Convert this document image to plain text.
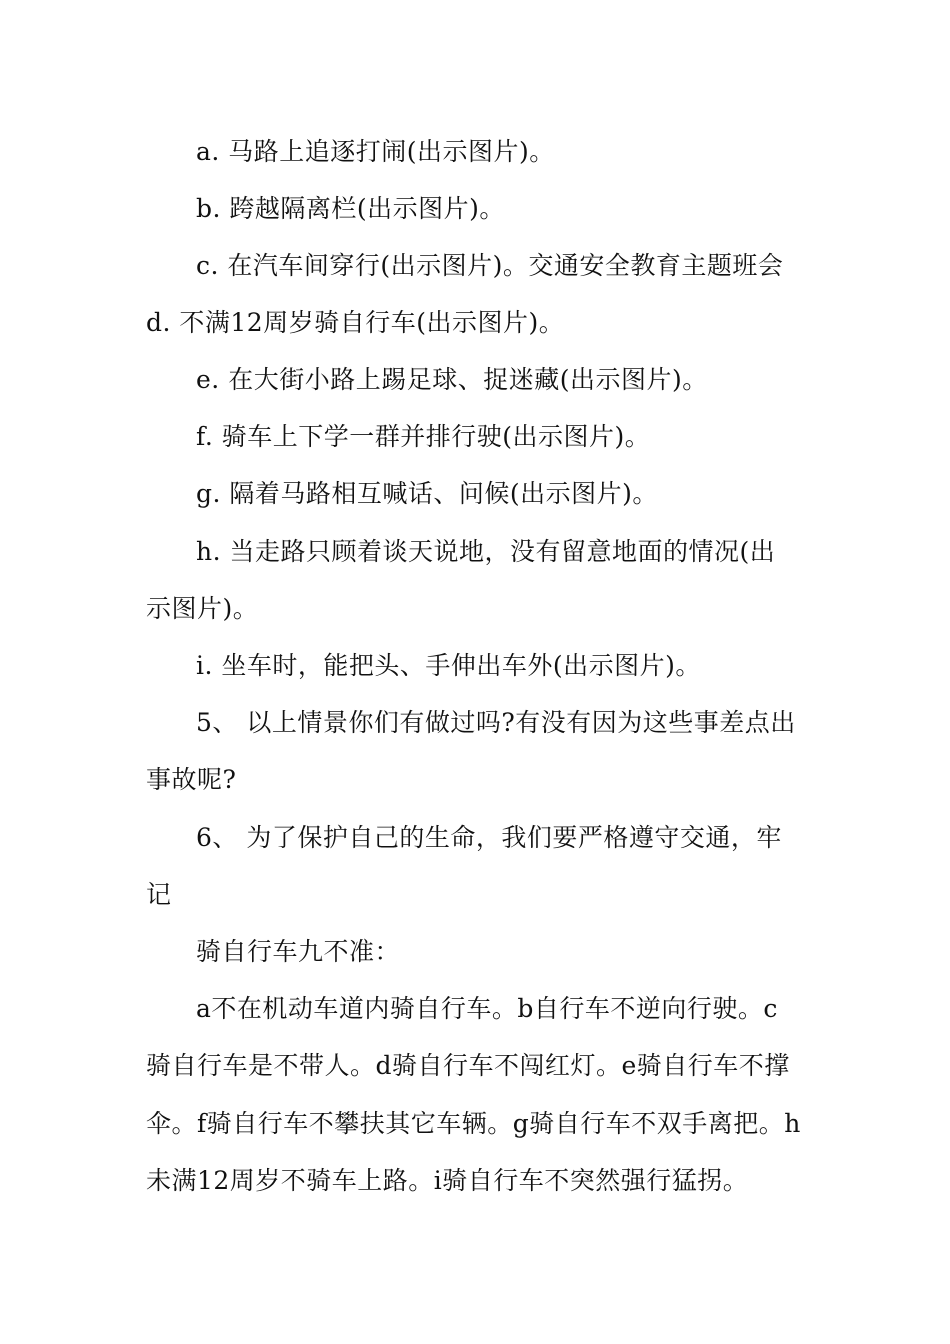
a. 马路上追逐打闹(出示图片)。
b. 跨越隔离栏(出示图片)。
c. 在汽车间穿行(出示图片)。交通安全教育主题班会
d. 不满12周岁骑自行车(出示图片)。
e. 在大街小路上踢足球、捉迷藏(出示图片)。
f. 骑车上下学一群并排行驶(出示图片)。
g. 隔着马路相互喊话、问候(出示图片)。
h. 当走路只顾着谈天说地，没有留意地面的情况(出
示图片)。
i. 坐车时，能把头、手伸出车外(出示图片)。
5、 以上情景你们有做过吗?有没有因为这些事差点出
事故呢?
6、 为了保护自己的生命，我们要严格遵守交通，牢
记
骑自行车九不准：
a不在机动车道内骑自行车。b自行车不逆向行驶。c
骑自行车是不带人。d骑自行车不闯红灯。e骑自行车不撑
伞。f骑自行车不攀扶其它车辆。g骑自行车不双手离把。h
未满12周岁不骑车上路。i骑自行车不突然强行猛拐。
